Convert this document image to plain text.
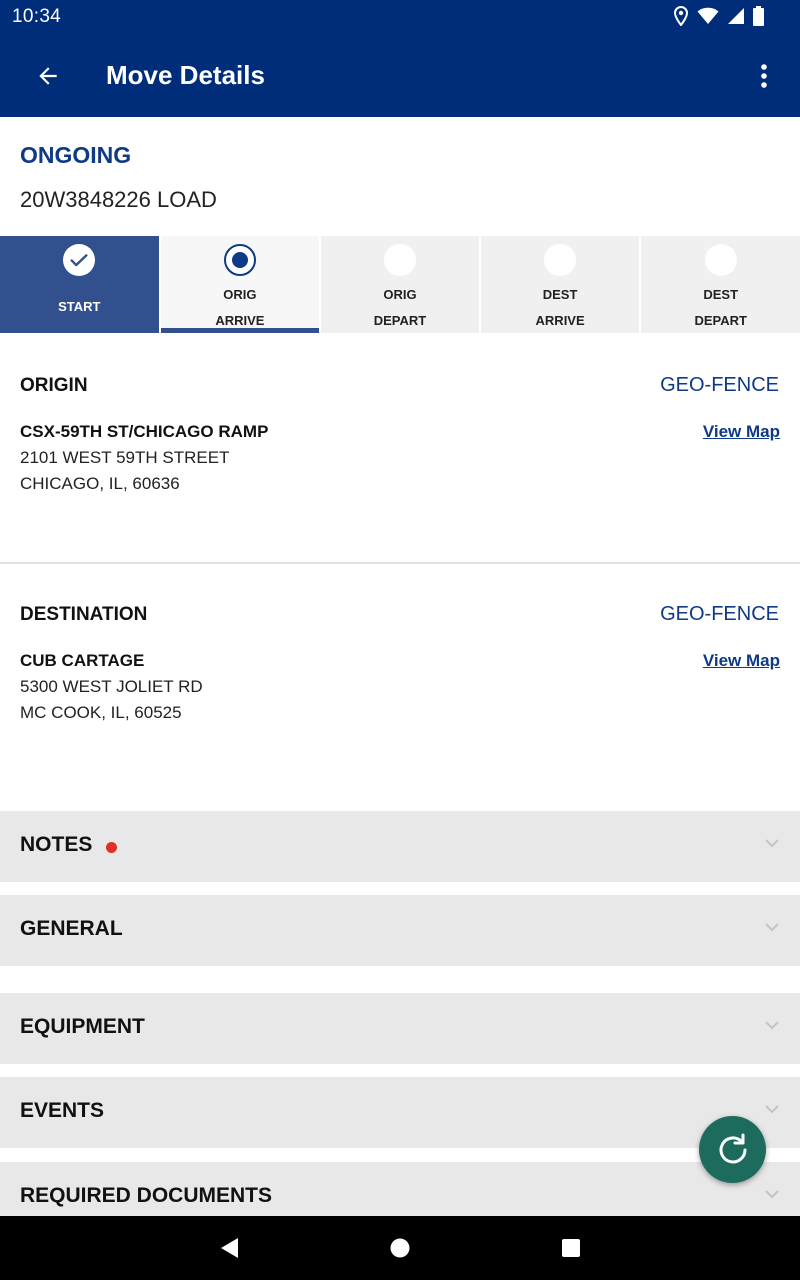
10:34
Move Details
ONGOING
20W3848226 LOAD
START
ORIG
ARRIVE
ORIG
DEPART
DEST
ARRIVE
DEST
DEPART
ORIGIN	GEO-FENCE
CSX-59TH ST/CHICAGO RAMP	View Map
2101 WEST 59TH STREET
CHICAGO, IL, 60636
DESTINATION	GEO-FENCE
CUB CARTAGE	View Map
5300 WEST JOLIET RD
MC COOK, IL, 60525
NOTES
GENERAL
EQUIPMENT
EVENTS
REQUIRED DOCUMENTS
